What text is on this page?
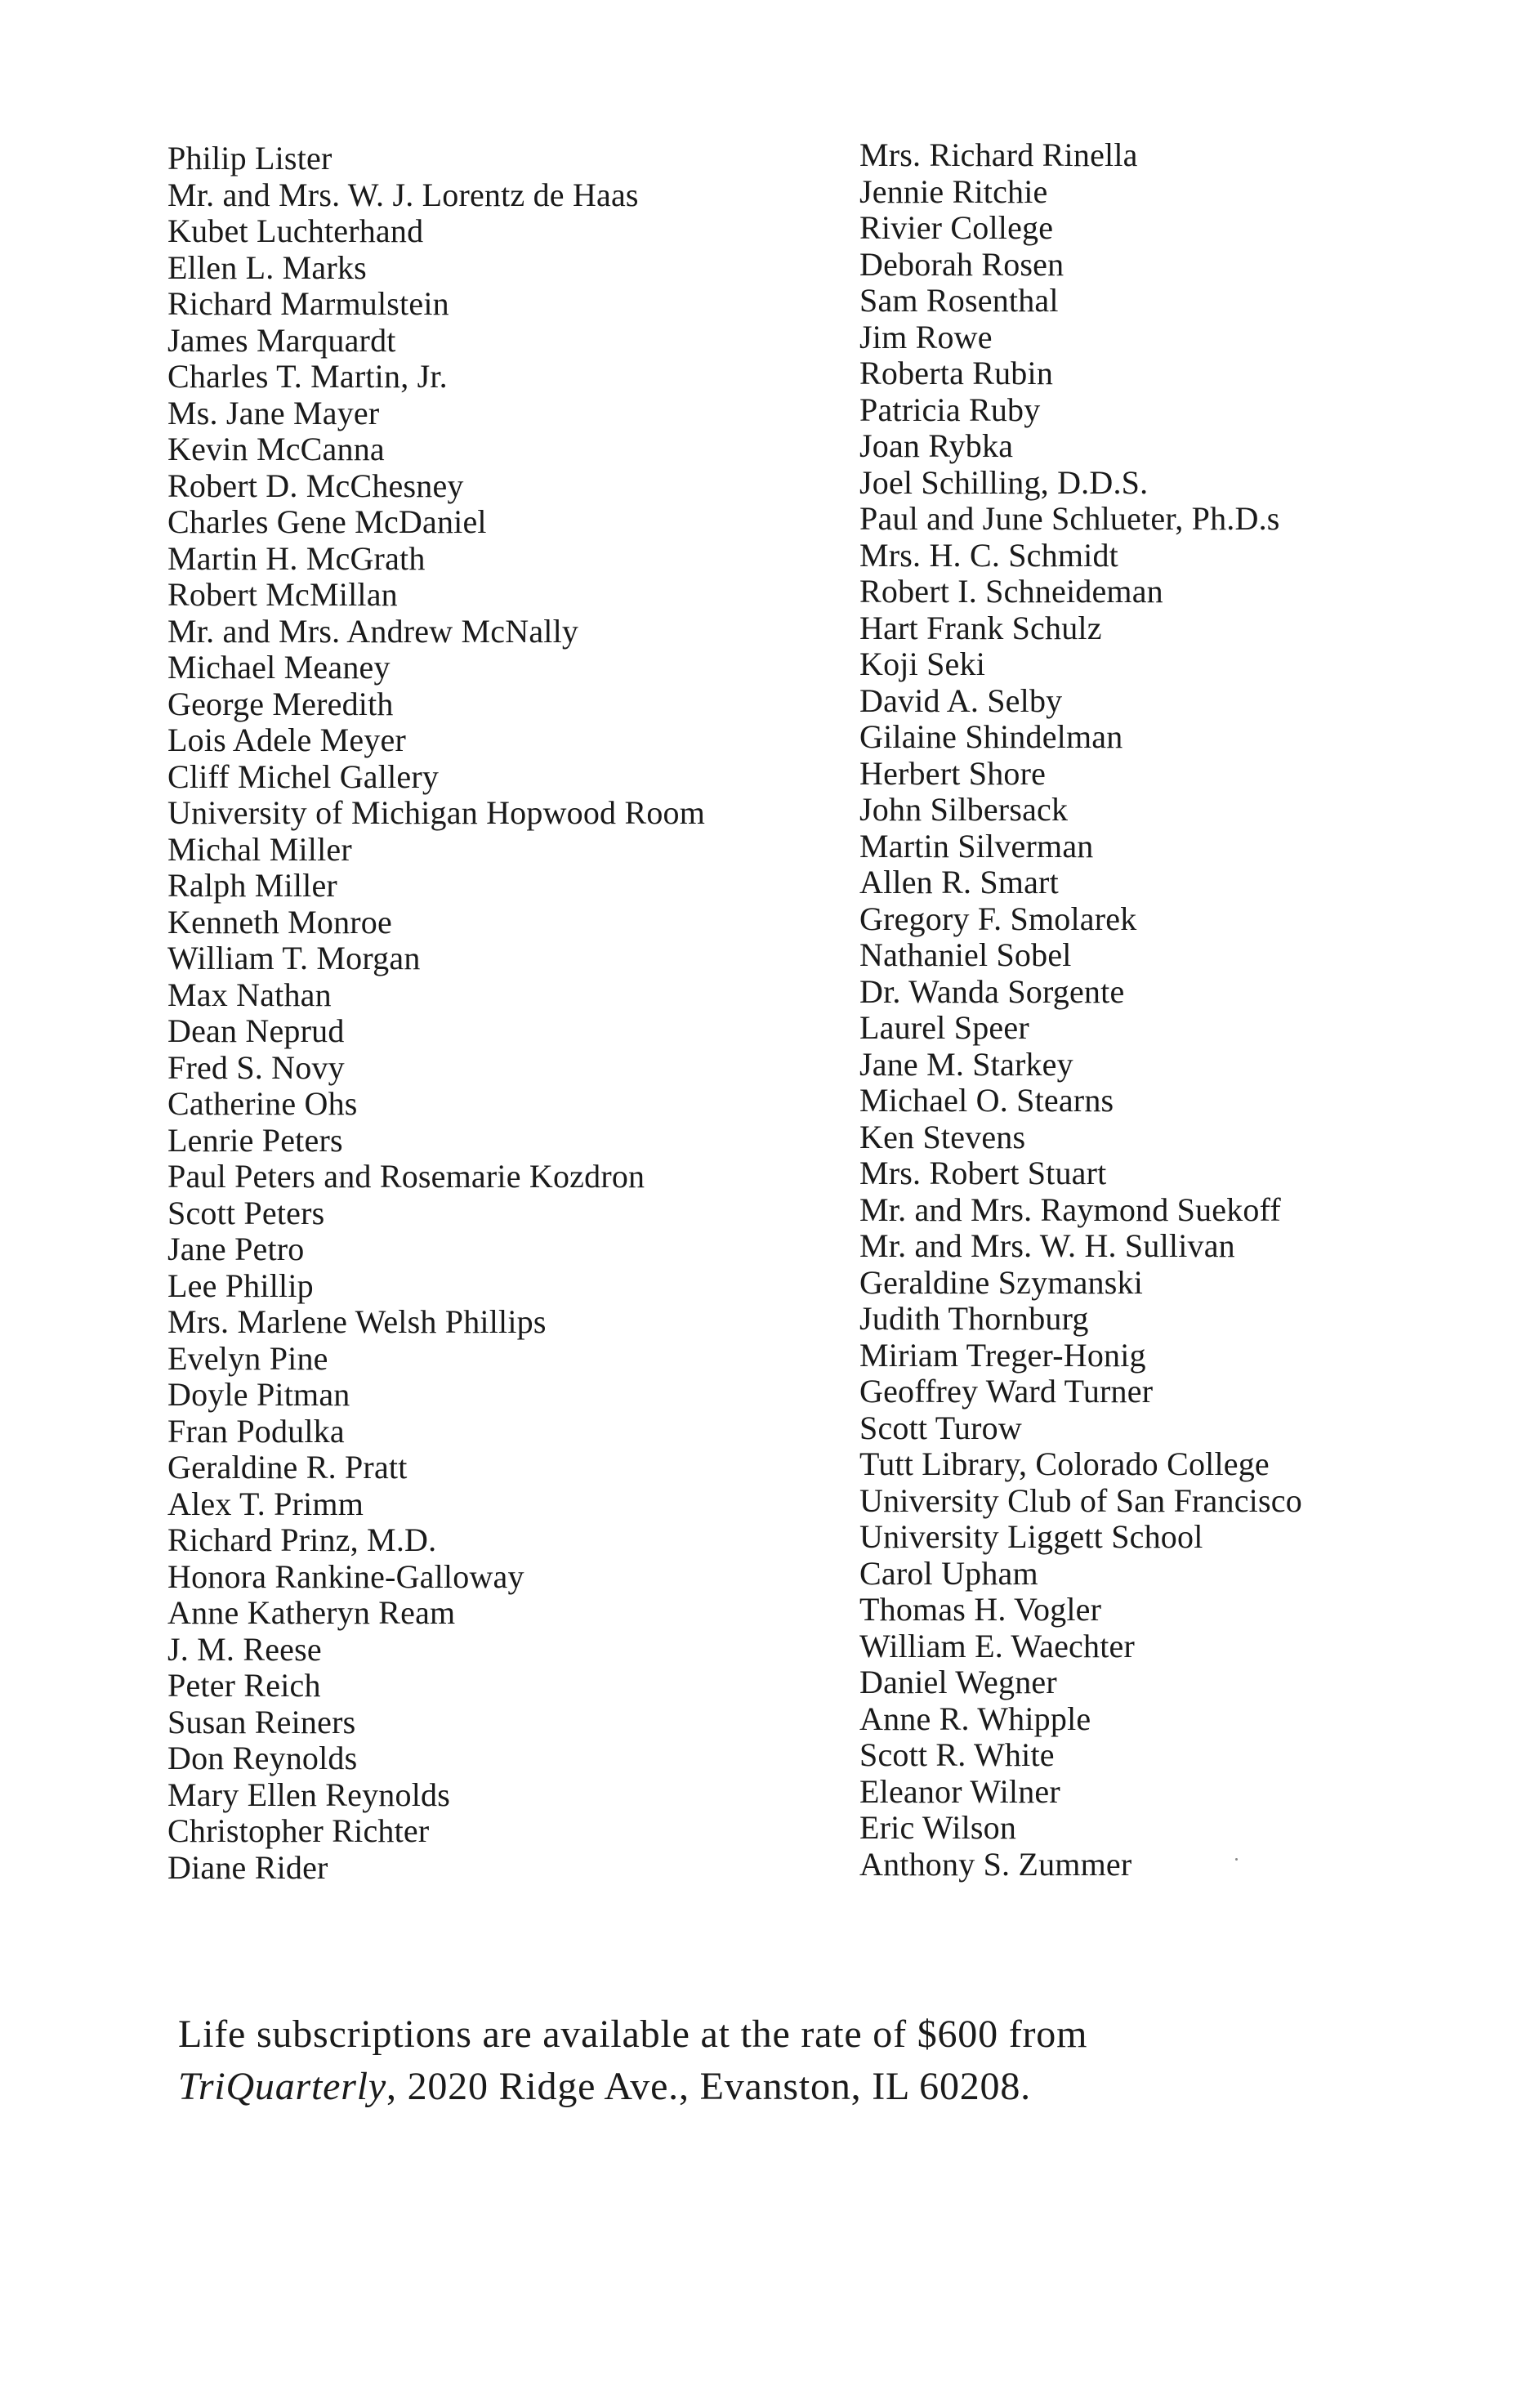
Philip Lister
Mr. and Mrs. W. J. Lorentz de Haas
Kubet Luchterhand
Ellen L. Marks
Richard Marmulstein
James Marquardt
Charles T. Martin, Jr.
Ms. Jane Mayer
Kevin McCanna
Robert D. McChesney
Charles Gene McDaniel
Martin H. McGrath
Robert McMillan
Mr. and Mrs. Andrew McNally
Michael Meaney
George Meredith
Lois Adele Meyer
Cliff Michel Gallery
University of Michigan Hopwood Room
Michal Miller
Ralph Miller
Kenneth Monroe
William T. Morgan
Max Nathan
Dean Neprud
Fred S. Novy
Catherine Ohs
Lenrie Peters
Paul Peters and Rosemarie Kozdron
Scott Peters
Jane Petro
Lee Phillip
Mrs. Marlene Welsh Phillips
Evelyn Pine
Doyle Pitman
Fran Podulka
Geraldine R. Pratt
Alex T. Primm
Richard Prinz, M.D.
Honora Rankine-Galloway
Anne Katheryn Ream
J. M. Reese
Peter Reich
Susan Reiners
Don Reynolds
Mary Ellen Reynolds
Christopher Richter
Diane Rider
Mrs. Richard Rinella
Jennie Ritchie
Rivier College
Deborah Rosen
Sam Rosenthal
Jim Rowe
Roberta Rubin
Patricia Ruby
Joan Rybka
Joel Schilling, D.D.S.
Paul and June Schlueter, Ph.D.s
Mrs. H. C. Schmidt
Robert I. Schneideman
Hart Frank Schulz
Koji Seki
David A. Selby
Gilaine Shindelman
Herbert Shore
John Silbersack
Martin Silverman
Allen R. Smart
Gregory F. Smolarek
Nathaniel Sobel
Dr. Wanda Sorgente
Laurel Speer
Jane M. Starkey
Michael O. Stearns
Ken Stevens
Mrs. Robert Stuart
Mr. and Mrs. Raymond Suekoff
Mr. and Mrs. W. H. Sullivan
Geraldine Szymanski
Judith Thornburg
Miriam Treger-Honig
Geoffrey Ward Turner
Scott Turow
Tutt Library, Colorado College
University Club of San Francisco
University Liggett School
Carol Upham
Thomas H. Vogler
William E. Waechter
Daniel Wegner
Anne R. Whipple
Scott R. White
Eleanor Wilner
Eric Wilson
Anthony S. Zummer
Life subscriptions are available at the rate of $600 from
TriQuarterly, 2020 Ridge Ave., Evanston, IL 60208.
